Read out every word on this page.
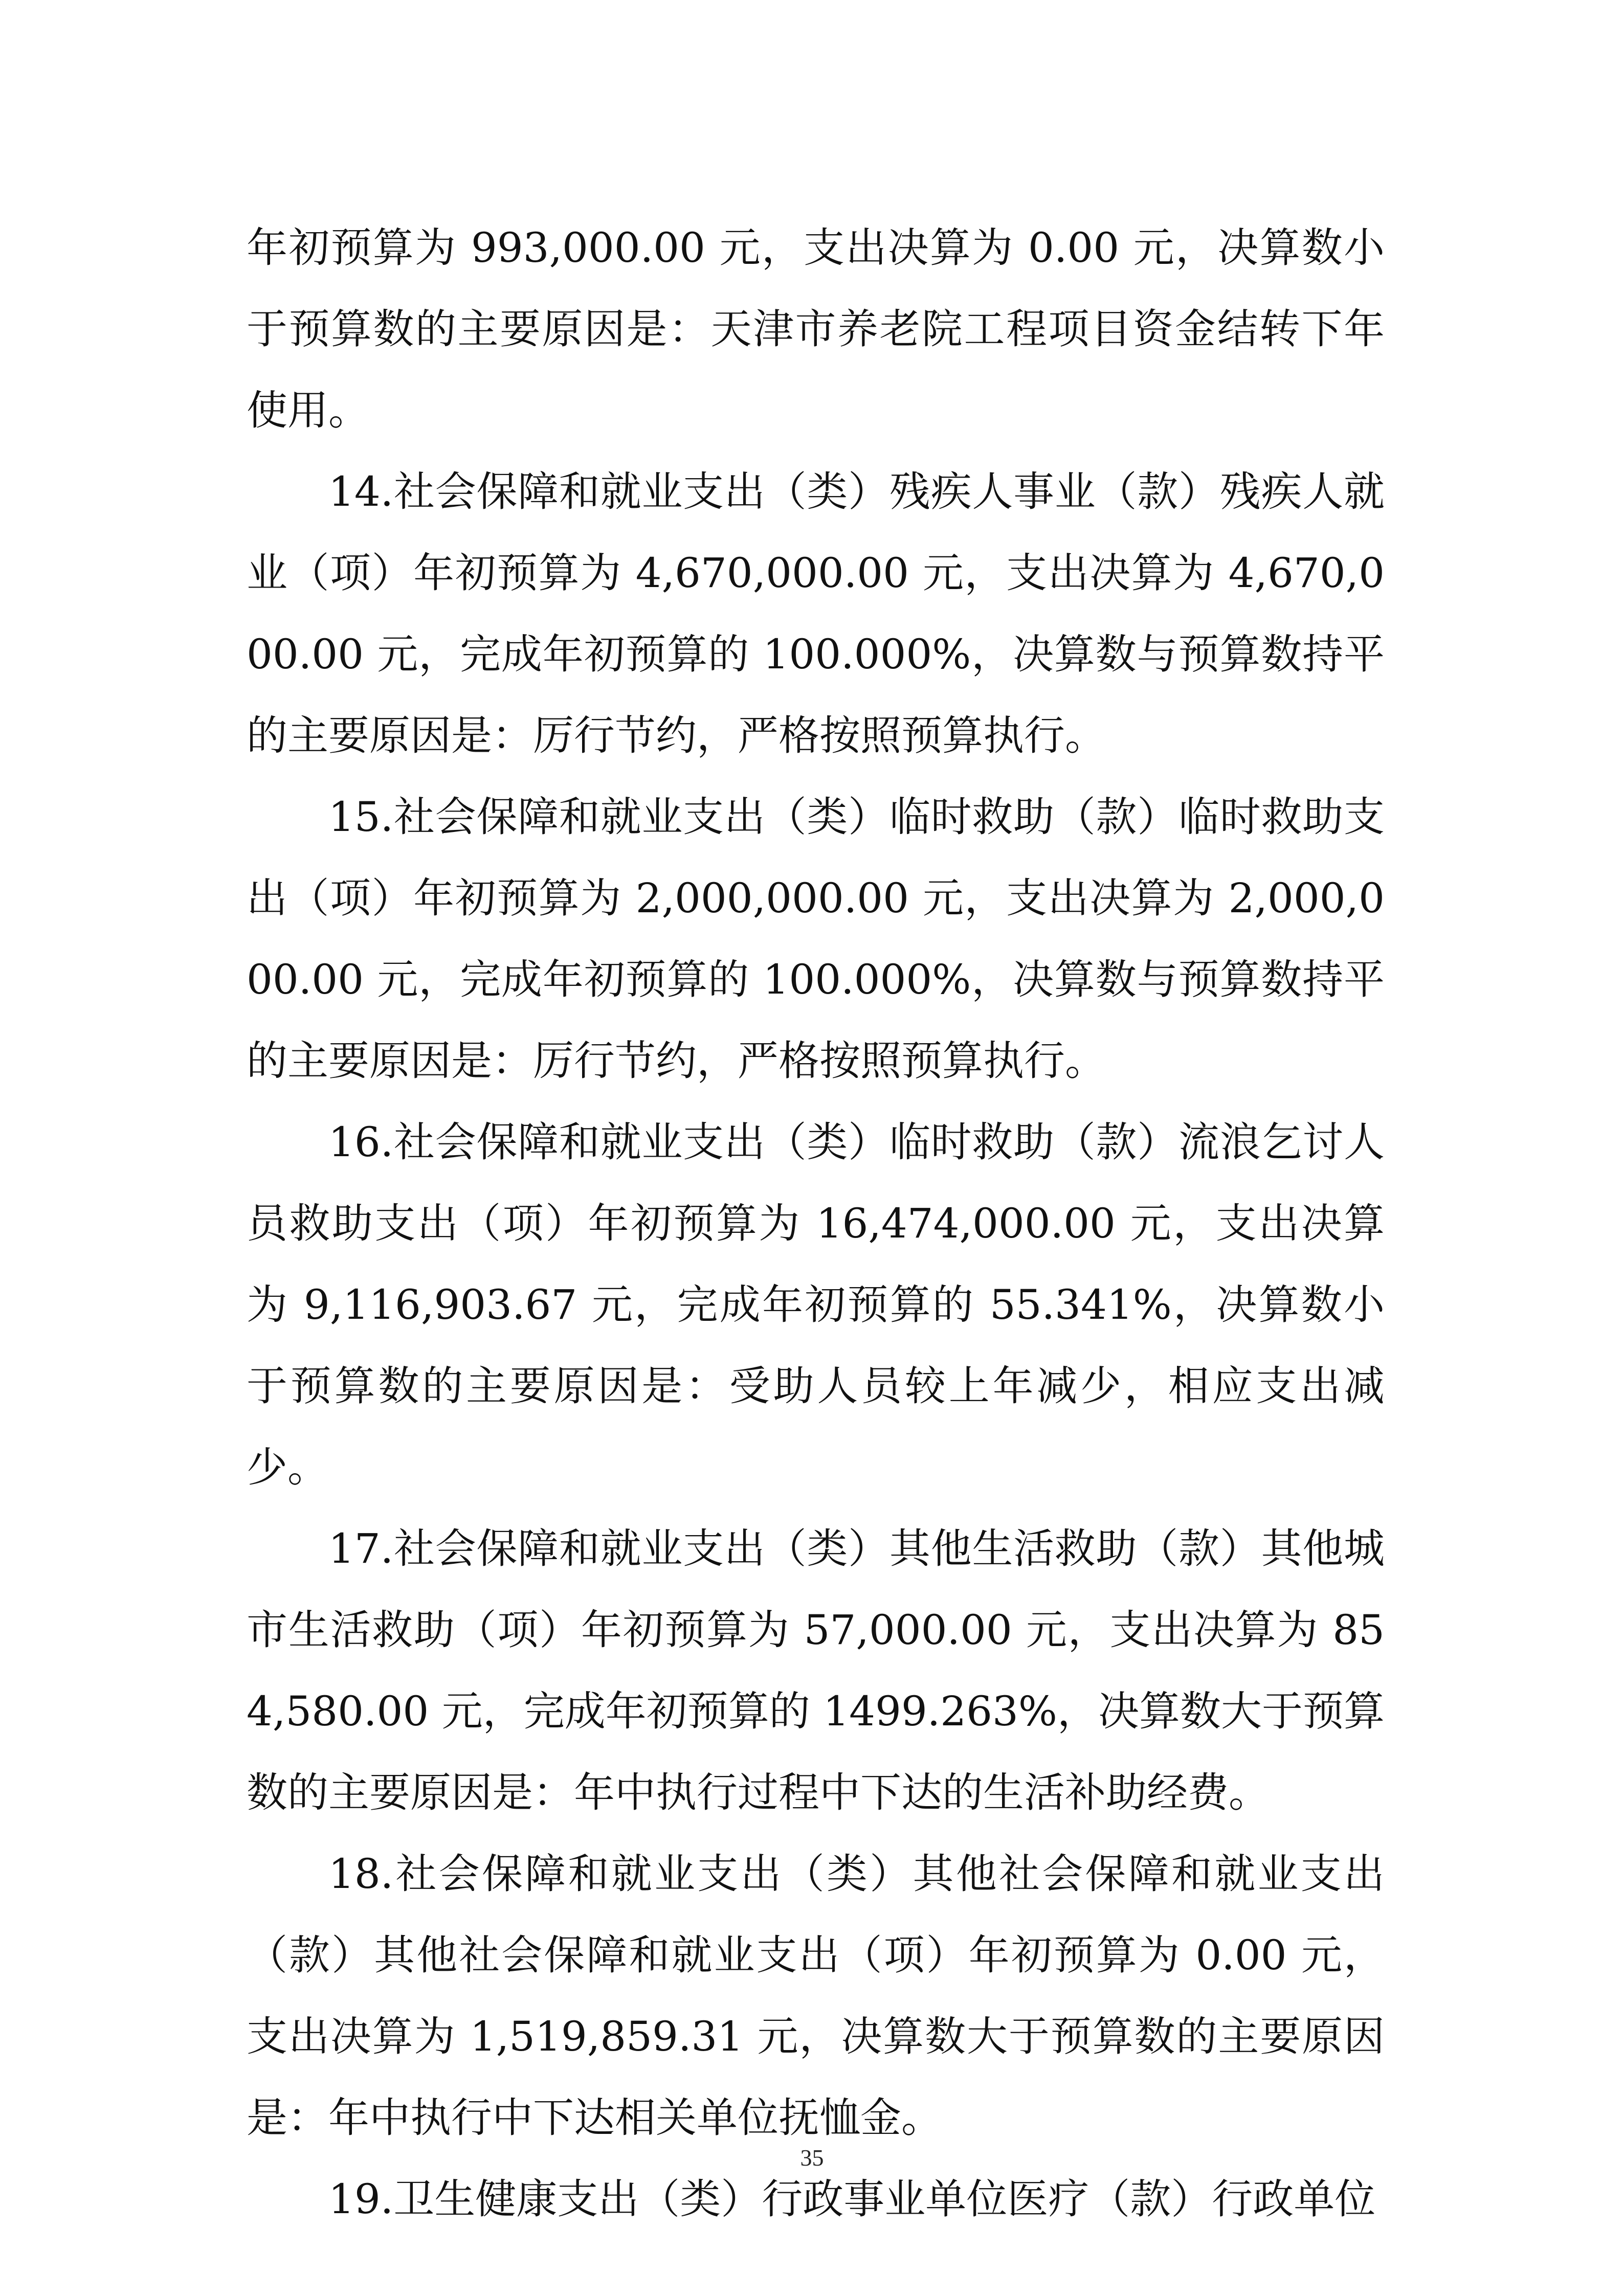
年初预算为 993,000.00 元，支出决算为 0.00 元，决算数小于预算数的主要原因是：天津市养老院工程项目资金结转下年使用。

14.社会保障和就业支出（类）残疾人事业（款）残疾人就业（项）年初预算为 4,670,000.00 元，支出决算为 4,670,000.00 元，完成年初预算的 100.000%，决算数与预算数持平的主要原因是：厉行节约，严格按照预算执行。

15.社会保障和就业支出（类）临时救助（款）临时救助支出（项）年初预算为 2,000,000.00 元，支出决算为 2,000,000.00 元，完成年初预算的 100.000%，决算数与预算数持平的主要原因是：厉行节约，严格按照预算执行。

16.社会保障和就业支出（类）临时救助（款）流浪乞讨人员救助支出（项）年初预算为 16,474,000.00 元，支出决算为 9,116,903.67 元，完成年初预算的 55.341%，决算数小于预算数的主要原因是：受助人员较上年减少，相应支出减少。

17.社会保障和就业支出（类）其他生活救助（款）其他城市生活救助（项）年初预算为 57,000.00 元，支出决算为 854,580.00 元，完成年初预算的 1499.263%，决算数大于预算数的主要原因是：年中执行过程中下达的生活补助经费。

18.社会保障和就业支出（类）其他社会保障和就业支出（款）其他社会保障和就业支出（项）年初预算为 0.00 元，支出决算为 1,519,859.31 元，决算数大于预算数的主要原因是：年中执行中下达相关单位抚恤金。

19.卫生健康支出（类）行政事业单位医疗（款）行政单位

35
